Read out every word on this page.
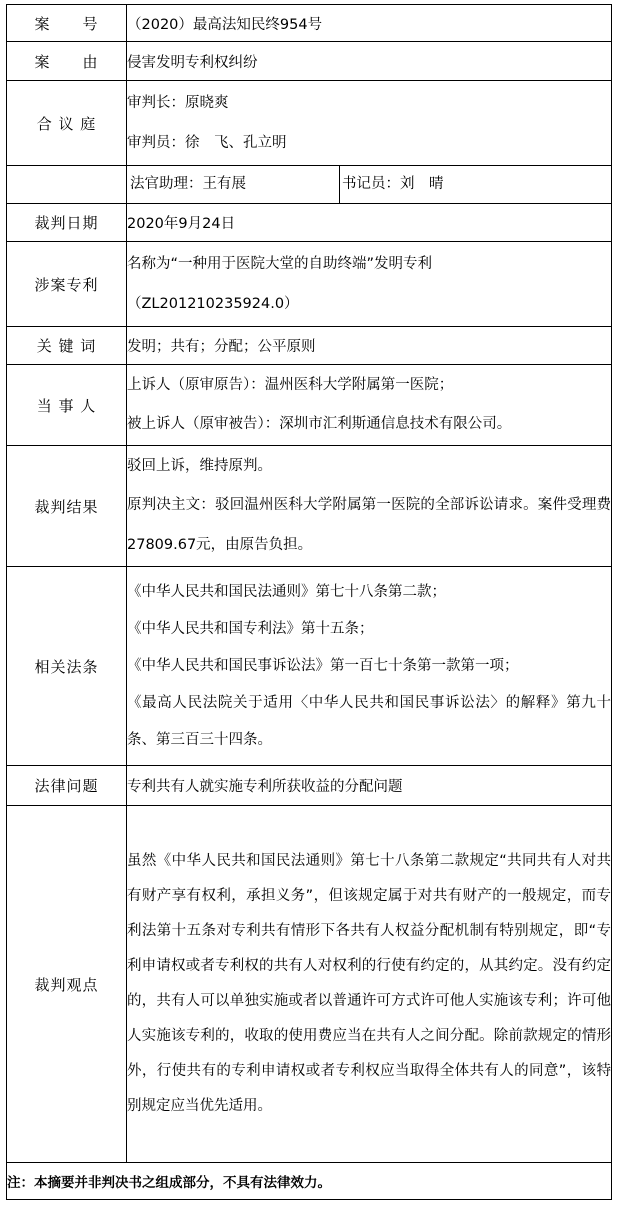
案　　号	（2020）最高法知民终954号
案　　由	侵害发明专利权纠纷
合 议 庭	审判长：原晓爽
审判员：徐　飞、孔立明

	法官助理：王有展 书记员：刘　晴

裁判日期	2020年9月24日
涉案专利	名称为“一种用于医院大堂的自助终端”发明专利
（ZL201210235924.0）

关 键 词	发明；共有；分配；公平原则
当 事 人	上诉人（原审原告）：温州医科大学附属第一医院；
被上诉人（原审被告）：深圳市汇利斯通信息技术有限公司。

裁判结果	驳回上诉，维持原判。
原判决主文：驳回温州医科大学附属第一医院的全部诉讼请求。案件受理费27809.67元，由原告负担。

相关法条	《中华人民共和国民法通则》第七十八条第二款；
《中华人民共和国专利法》第十五条；
《中华人民共和国民事诉讼法》第一百七十条第一款第一项；
《最高人民法院关于适用〈中华人民共和国民事诉讼法〉的解释》第九十条、第三百三十四条。

法律问题	专利共有人就实施专利所获收益的分配问题
裁判观点	虽然《中华人民共和国民法通则》第七十八条第二款规定“共同共有人对共有财产享有权利，承担义务”，但该规定属于对共有财产的一般规定，而专利法第十五条对专利共有情形下各共有人权益分配机制有特别规定，即“专利申请权或者专利权的共有人对权利的行使有约定的，从其约定。没有约定的，共有人可以单独实施或者以普通许可方式许可他人实施该专利；许可他人实施该专利的，收取的使用费应当在共有人之间分配。除前款规定的情形外，行使共有的专利申请权或者专利权应当取得全体共有人的同意”，该特别规定应当优先适用。

注：本摘要并非判决书之组成部分，不具有法律效力。	
